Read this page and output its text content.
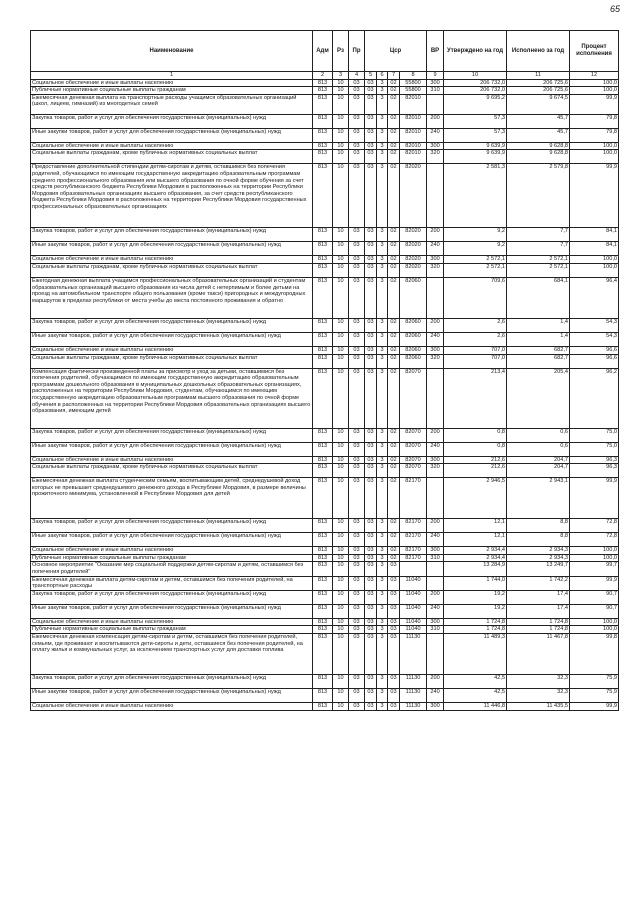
65
Наименование	Адм	Рз	Пр	Цср				ВР	Утверждено на год	Исполнено за год	Процент исполнения
1	2	3	4	5	6	7	8	9	10	11	12
Социальное обеспечение и иные выплаты населению	813	10	03	03	3	02	55800	300	206 732,0	206 725,6	100,0
Публичные нормативные социальные выплаты гражданам	813	10	03	03	3	02	55800	310	206 732,0	206 725,6	100,0
Ежемесячная денежная выплата на транспортные расходы учащимся образовательных организаций (школ, лицеев, гимназий) из многодетных семей	813	10	03	03	3	02	82010		9 695,2	9 674,5	99,9
Закупка товаров, работ и услуг для обеспечения государственных (муниципальных) нужд	813	10	03	03	3	02	82010	200	57,3	45,7	79,8
Иные закупки товаров, работ и услуг для обеспечения государственных (муниципальных) нужд	813	10	03	03	3	02	82010	240	57,3	45,7	79,8
Социальное обеспечение и иные выплаты населению	813	10	03	03	3	02	82010	300	9 639,9	9 628,8	100,0
Социальные выплаты гражданам, кроме публичных нормативных социальных выплат	813	10	03	03	3	02	82010	320	9 639,9	9 628,8	100,0
Предоставление дополнительной стипендии детям-сиротам и детям, оставшимся без попечения родителей, обучающимся по имеющим государственную аккредитацию образовательным программам среднего профессионального образования или высшего образования по очной форме обучения за счет средств республиканского бюджета Республики Мордовия в расположенных на территории Республики Мордовия образовательных организациях высшего образования, за счет средств республиканского бюджета Республики Мордовия в расположенных на территории Республики Мордовия государственных профессиональных образовательных организациях	813	10	03	03	3	02	82020		2 581,3	2 579,8	99,9
Закупка товаров, работ и услуг для обеспечения государственных (муниципальных) нужд	813	10	03	03	3	02	82020	200	9,2	7,7	84,1
Иные закупки товаров, работ и услуг для обеспечения государственных (муниципальных) нужд	813	10	03	03	3	02	82020	240	9,2	7,7	84,1
Социальное обеспечение и иные выплаты населению	813	10	03	03	3	02	82020	300	2 572,1	2 572,1	100,0
Социальные выплаты гражданам, кроме публичных нормативных социальных выплат	813	10	03	03	3	02	82020	320	2 572,1	2 572,1	100,0
Ежегодная денежная выплата учащимся профессиональных образовательных организаций и студентам образовательных организаций высшего образования из числа детей с нетерпимым и более детьми на проезд на автомобильном транспорте общего пользования (кроме такси) пригородных и междугородных маршрутов в пределах республики от места учебы до места постоянного проживания и обратно	813	10	03	03	3	02	82060		709,6	684,1	96,4
Закупка товаров, работ и услуг для обеспечения государственных (муниципальных) нужд	813	10	03	03	3	02	82060	200	2,6	1,4	54,3
Иные закупки товаров, работ и услуг для обеспечения государственных (муниципальных) нужд	813	10	03	03	3	02	82060	240	2,6	1,4	54,3
Социальное обеспечение и иные выплаты населению	813	10	03	03	3	02	82060	300	707,0	682,7	96,6
Социальные выплаты гражданам, кроме публичных нормативных социальных выплат	813	10	03	03	3	02	82060	320	707,0	682,7	96,6
Компенсация фактически произведенной платы за присмотр и уход за детьми, оставшимися без попечения родителей, обучающимися по имеющим государственную аккредитацию образовательным программам дошкольного образования в муниципальных дошкольных образовательных организациях, расположенных на территории Республики Мордовия, студентам, обучающимся по имеющим государственную аккредитацию образовательным программам высшего образования по очной форме обучения в расположенных на территории Республики Мордовия образовательных организациях высшего образования, имеющим детей	813	10	03	03	3	02	82070		213,4	205,4	96,2
Закупка товаров, работ и услуг для обеспечения государственных (муниципальных) нужд	813	10	03	03	3	02	82070	200	0,8	0,6	75,0
Иные закупки товаров, работ и услуг для обеспечения государственных (муниципальных) нужд	813	10	03	03	3	02	82070	240	0,8	0,6	75,0
Социальное обеспечение и иные выплаты населению	813	10	03	03	3	02	82070	300	212,6	204,7	96,3
Социальные выплаты гражданам, кроме публичных нормативных социальных выплат	813	10	03	03	3	02	82070	320	212,6	204,7	96,3
Ежемесячная денежная выплата студенческим семьям, воспитывающим детей, среднедушевой доход которых не превышает среднедушевого денежного дохода в Республике Мордовия, в размере величины прожиточного минимума, установленной в Республике Мордовия для детей	813	10	03	03	3	02	82170		2 946,5	2 943,1	99,9
Закупка товаров, работ и услуг для обеспечения государственных (муниципальных) нужд	813	10	03	03	3	02	82170	200	12,1	8,8	72,8
Иные закупки товаров, работ и услуг для обеспечения государственных (муниципальных) нужд	813	10	03	03	3	02	82170	240	12,1	8,8	72,8
Социальное обеспечение и иные выплаты населению	813	10	03	03	3	02	82170	300	2 934,4	2 934,3	100,0
Публичные нормативные социальные выплаты гражданам	813	10	03	03	3	02	82170	310	2 934,4	2 934,3	100,0
Основное мероприятие "Оказание мер социальной поддержки детям-сиротам и детям, оставшимся без попечения родителей"	813	10	03	03	3	03			13 284,9	13 249,7	99,7
Ежемесячная денежная выплата детям-сиротам и детям, оставшимся без попечения родителей, на транспортные расходы	813	10	03	03	3	03	11040		1 744,0	1 742,2	99,9
Закупка товаров, работ и услуг для обеспечения государственных (муниципальных) нужд	813	10	03	03	3	03	11040	200	19,2	17,4	90,7
Иные закупки товаров, работ и услуг для обеспечения государственных (муниципальных) нужд	813	10	03	03	3	03	11040	240	19,2	17,4	90,7
Социальное обеспечение и иные выплаты населению	813	10	03	03	3	03	11040	300	1 724,8	1 724,8	100,0
Публичные нормативные социальные выплаты гражданам	813	10	03	03	3	03	11040	310	1 724,8	1 724,8	100,0
Ежемесячная денежная компенсация детям-сиротам и детям, оставшимся без попечения родителей, семьям, где проживают и воспитываются дети-сироты и дети, оставшиеся без попечения родителей, на оплату жилья и коммунальных услуг, за исключением транспортных услуг для доставки топлива	813	10	03	03	3	03	11130		11 489,3	11 467,8	99,8
Закупка товаров, работ и услуг для обеспечения государственных (муниципальных) нужд	813	10	03	03	3	03	11130	200	42,5	32,3	75,9
Иные закупки товаров, работ и услуг для обеспечения государственных (муниципальных) нужд	813	10	03	03	3	03	11130	240	42,5	32,3	75,9
Социальное обеспечение и иные выплаты населению	813	10	03	03	3	03	11130	300	11 446,8	11 435,5	99,9
